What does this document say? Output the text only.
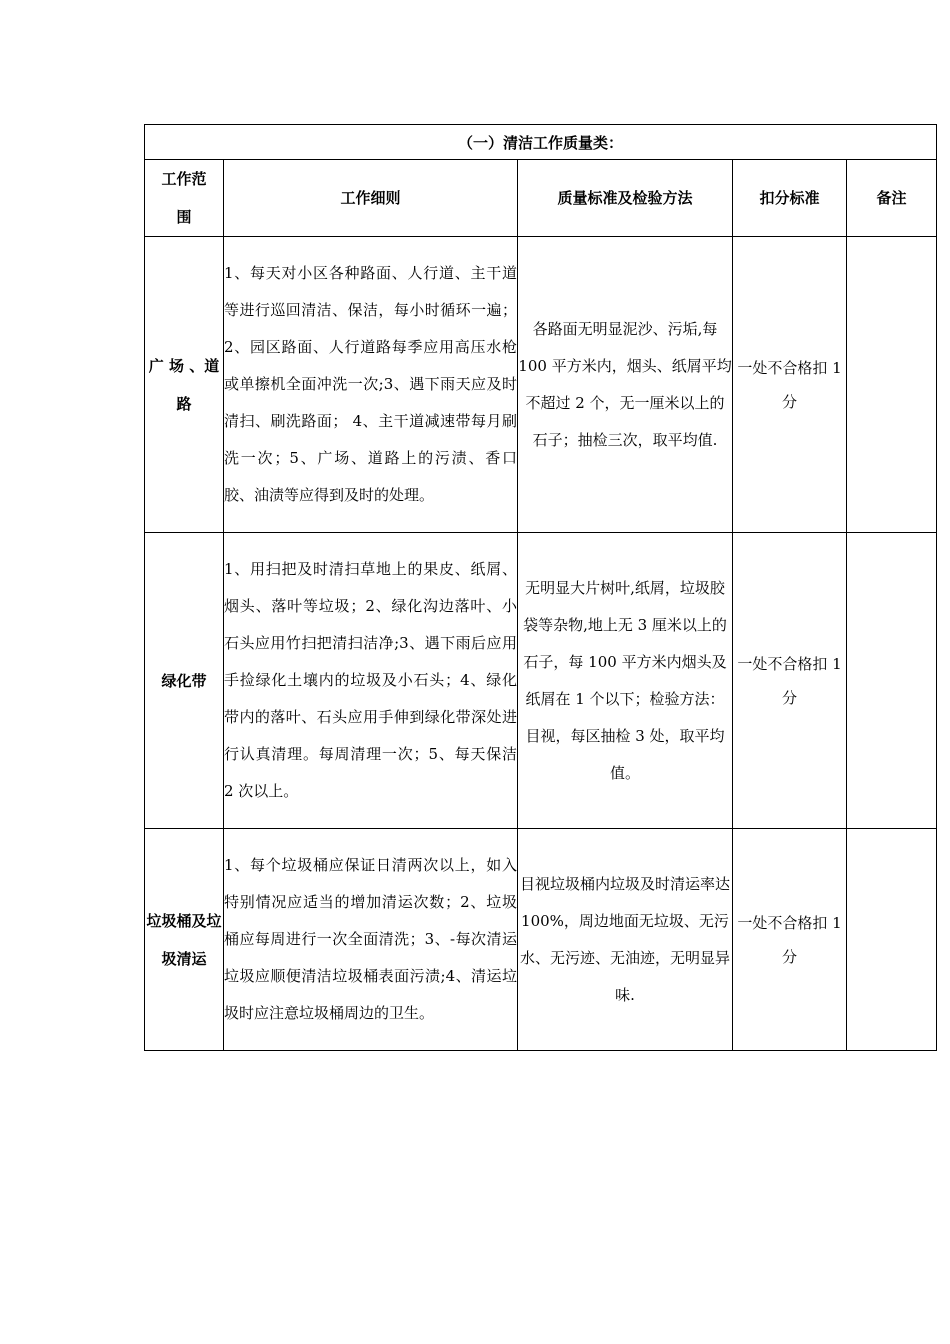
（一）清洁工作质量类：				
工作范围	工作细则	质量标准及检验方法	扣分标准	备注
广 场 、道路	1、每天对小区各种路面、人行道、主干道等进行巡回清洁、保洁，每小时循环一遍；2、园区路面、人行道路每季应用高压水枪或单擦机全面冲洗一次;3、遇下雨天应及时清扫、刷洗路面； 4、主干道减速带每月刷洗一次；5、广场、道路上的污渍、香口胶、油渍等应得到及时的处理。	各路面无明显泥沙、污垢,每 100 平方米内，烟头、纸屑平均不超过 2 个，无一厘米以上的石子；抽检三次，取平均值.	一处不合格扣 1 分	
绿化带	1、用扫把及时清扫草地上的果皮、纸屑、烟头、落叶等垃圾；2、绿化沟边落叶、小石头应用竹扫把清扫洁净;3、遇下雨后应用手捡绿化土壤内的垃圾及小石头；4、绿化带内的落叶、石头应用手伸到绿化带深处进行认真清理。每周清理一次；5、每天保洁 2 次以上。	无明显大片树叶,纸屑，垃圾胶袋等杂物,地上无 3 厘米以上的石子，每 100 平方米内烟头及纸屑在 1 个以下；检验方法：目视，每区抽检 3 处，取平均值。	一处不合格扣 1 分	
垃圾桶及垃圾清运	1、每个垃圾桶应保证日清两次以上，如入特别情况应适当的增加清运次数；2、垃圾桶应每周进行一次全面清洗；3、-每次清运垃圾应顺便清洁垃圾桶表面污渍;4、清运垃圾时应注意垃圾桶周边的卫生。	目视垃圾桶内垃圾及时清运率达 100%，周边地面无垃圾、无污水、无污迹、无油迹，无明显异味.	一处不合格扣 1 分	
